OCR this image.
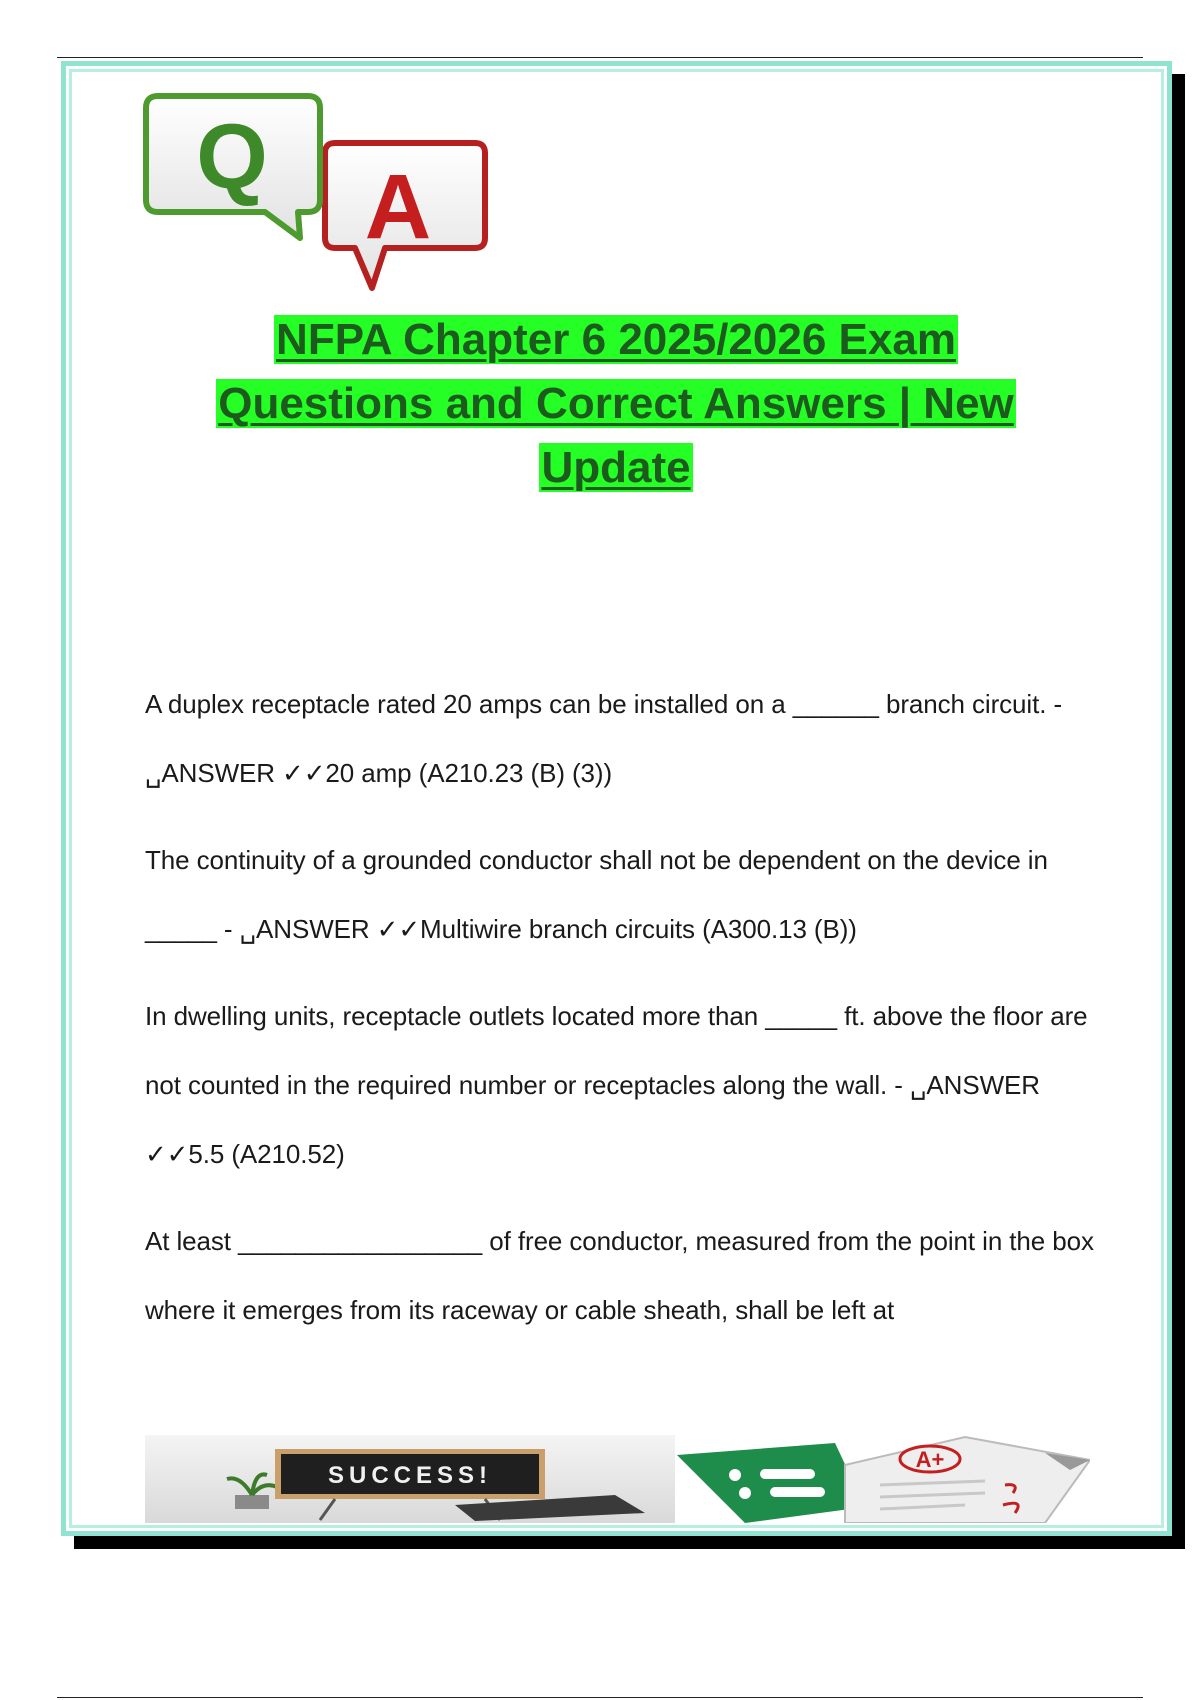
A
Q
NFPA Chapter 6 2025/2026 Exam
Questions and Correct Answers | New
Update

A duplex receptacle rated 20 amps can be installed on a ______ branch circuit. - ␣ANSWER ✓✓20 amp (A210.23 (B) (3))

The continuity of a grounded conductor shall not be dependent on the device in _____ - ␣ANSWER ✓✓Multiwire branch circuits (A300.13 (B))

In dwelling units, receptacle outlets located more than _____ ft. above the floor are not counted in the required number or receptacles along the wall. - ␣ANSWER ✓✓5.5 (A210.52)

At least _________________ of free conductor, measured from the point in the box where it emerges from its raceway or cable sheath, shall be left at

SUCCESS!
A+
